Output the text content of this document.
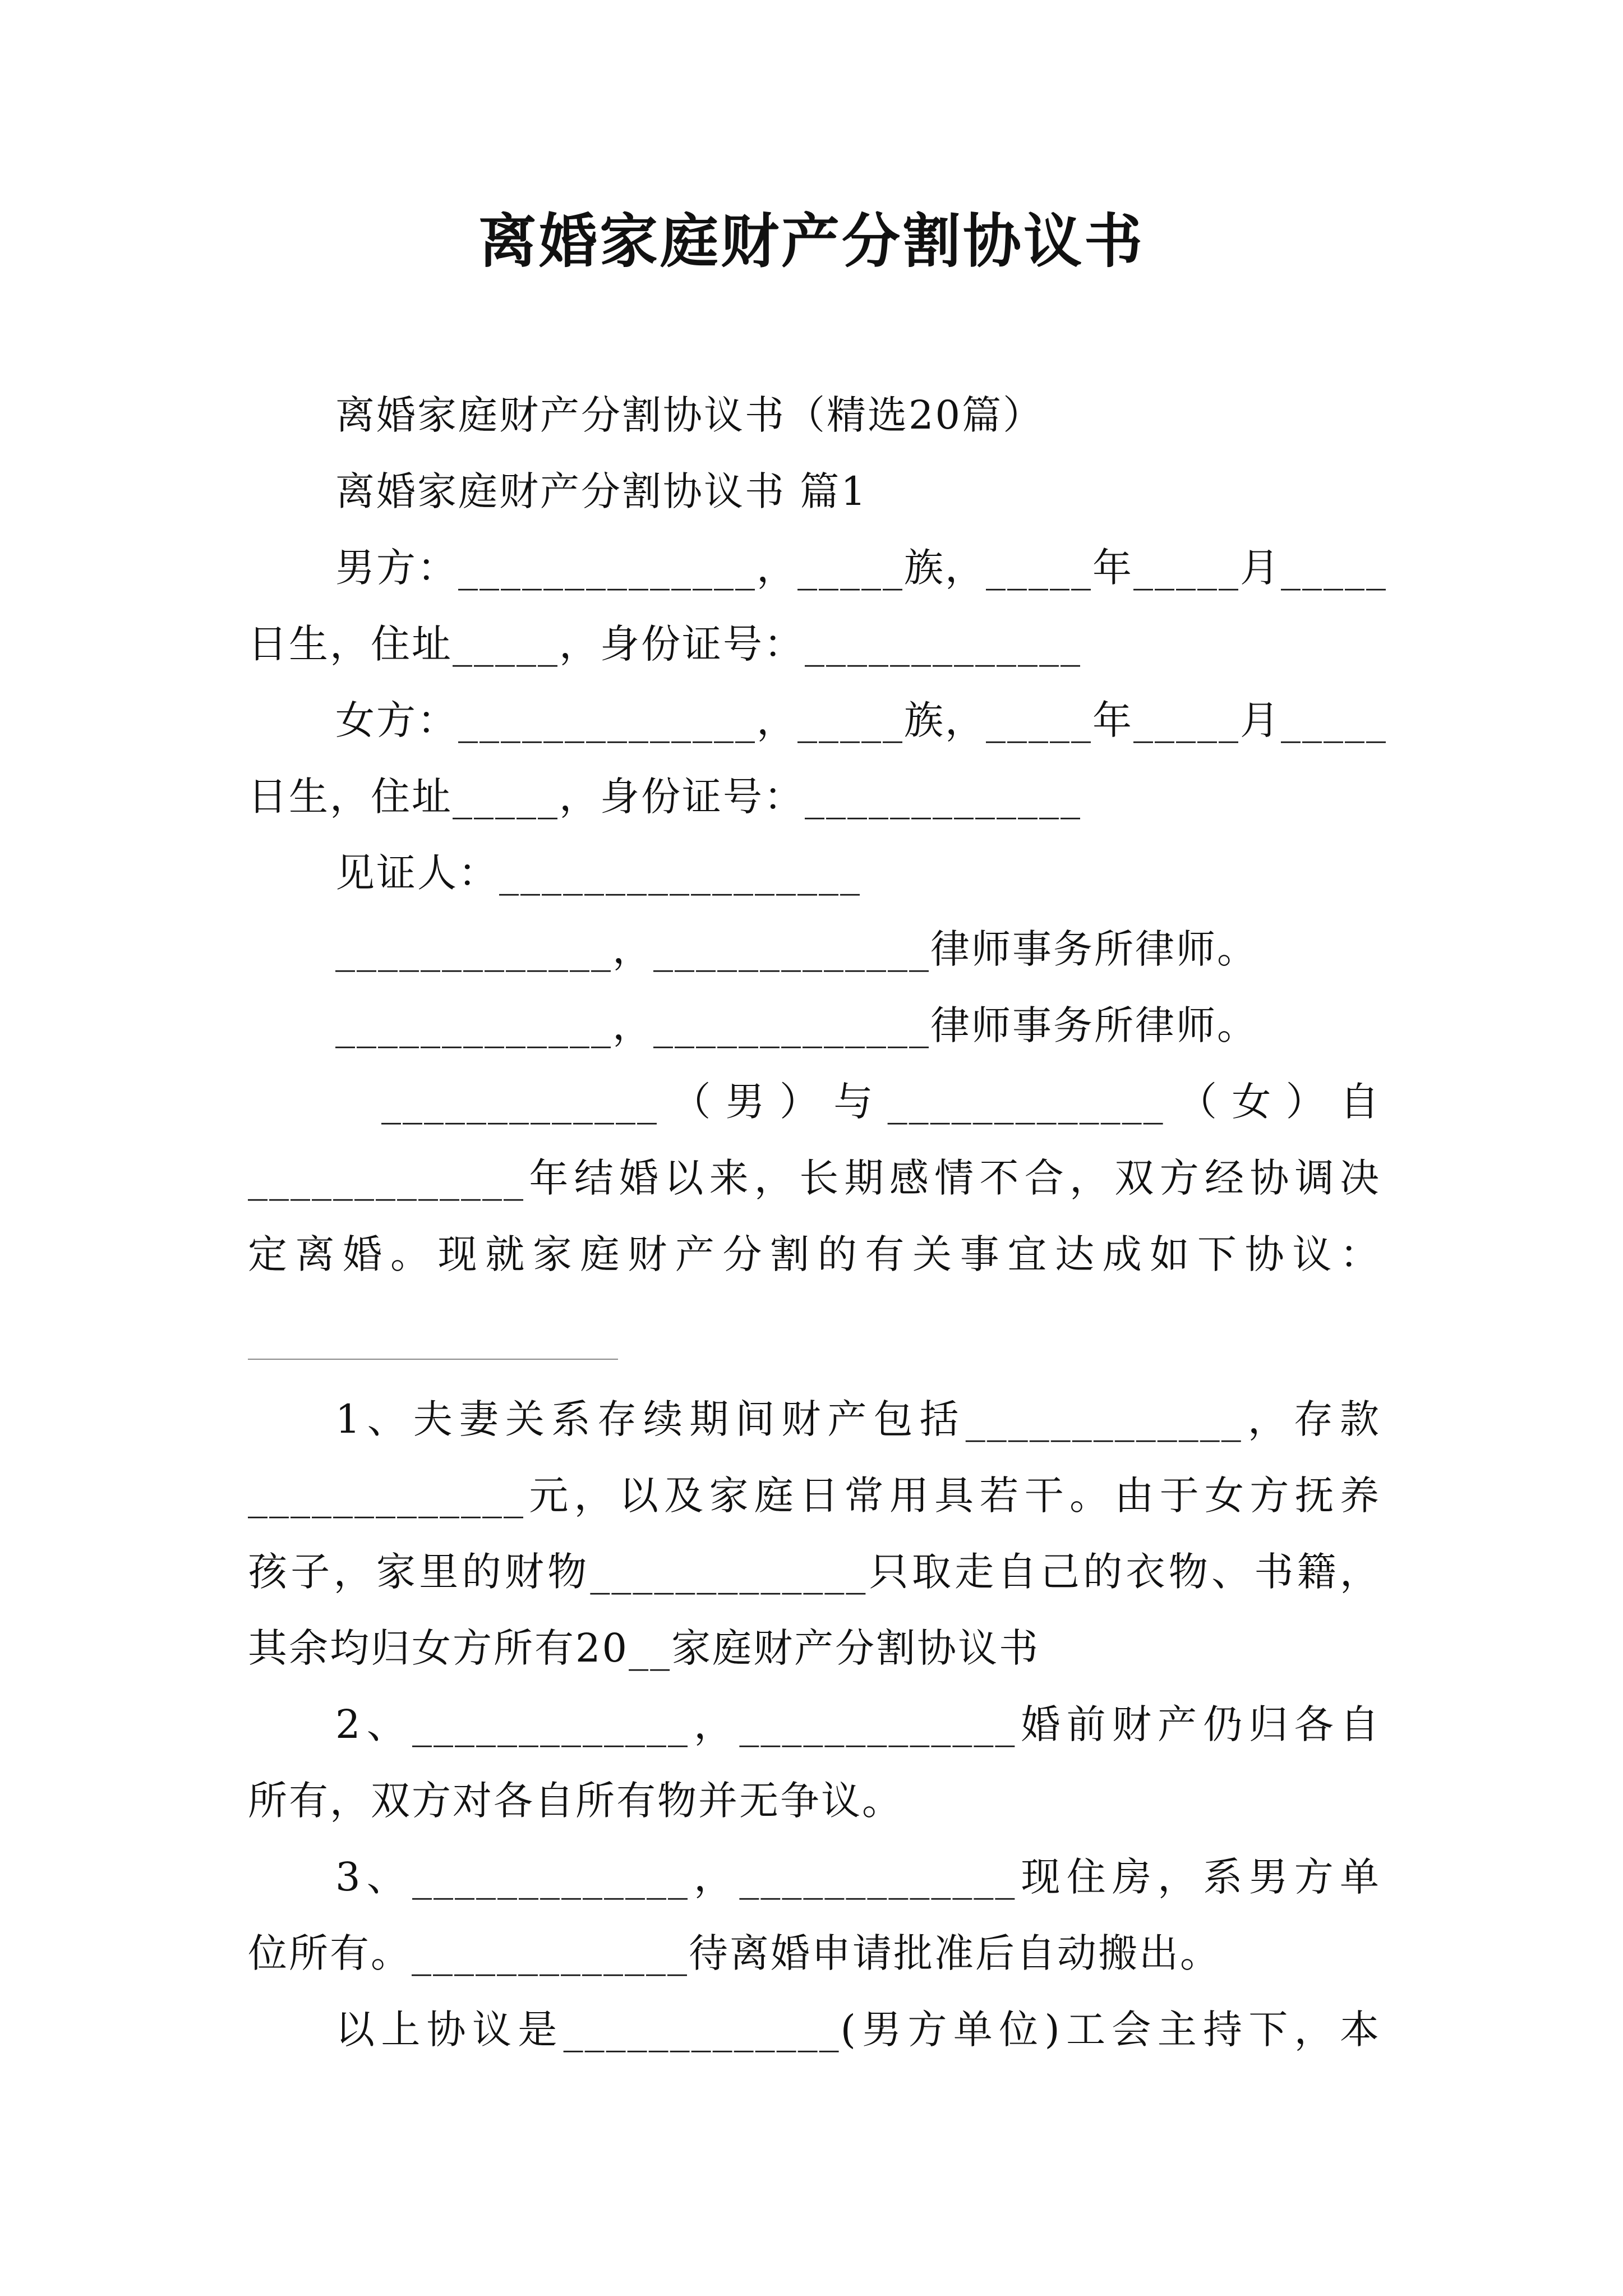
离婚家庭财产分割协议书
离婚家庭财产分割协议书（精选20篇）
离婚家庭财产分割协议书 篇1
男方：______________，_____族，_____年_____月_____
日生，住址_____，身份证号：_____________
女方：______________，_____族，_____年_____月_____
日生，住址_____，身份证号：_____________
见证人：_________________
_____________，_____________律师事务所律师。
_____________，_____________律师事务所律师。
_____________（男）与_____________（女）自
_____________年结婚以来，长期感情不合，双方经协调决
定离婚。现就家庭财产分割的有关事宜达成如下协议：
1、夫妻关系存续期间财产包括_____________，存款
_____________元，以及家庭日常用具若干。由于女方抚养
孩子，家里的财物_____________只取走自己的衣物、书籍，
其余均归女方所有20__家庭财产分割协议书
2、_____________，_____________婚前财产仍归各自
所有，双方对各自所有物并无争议。
3、_____________，_____________现住房，系男方单
位所有。_____________待离婚申请批准后自动搬出。
以上协议是_____________(男方单位)工会主持下，本
